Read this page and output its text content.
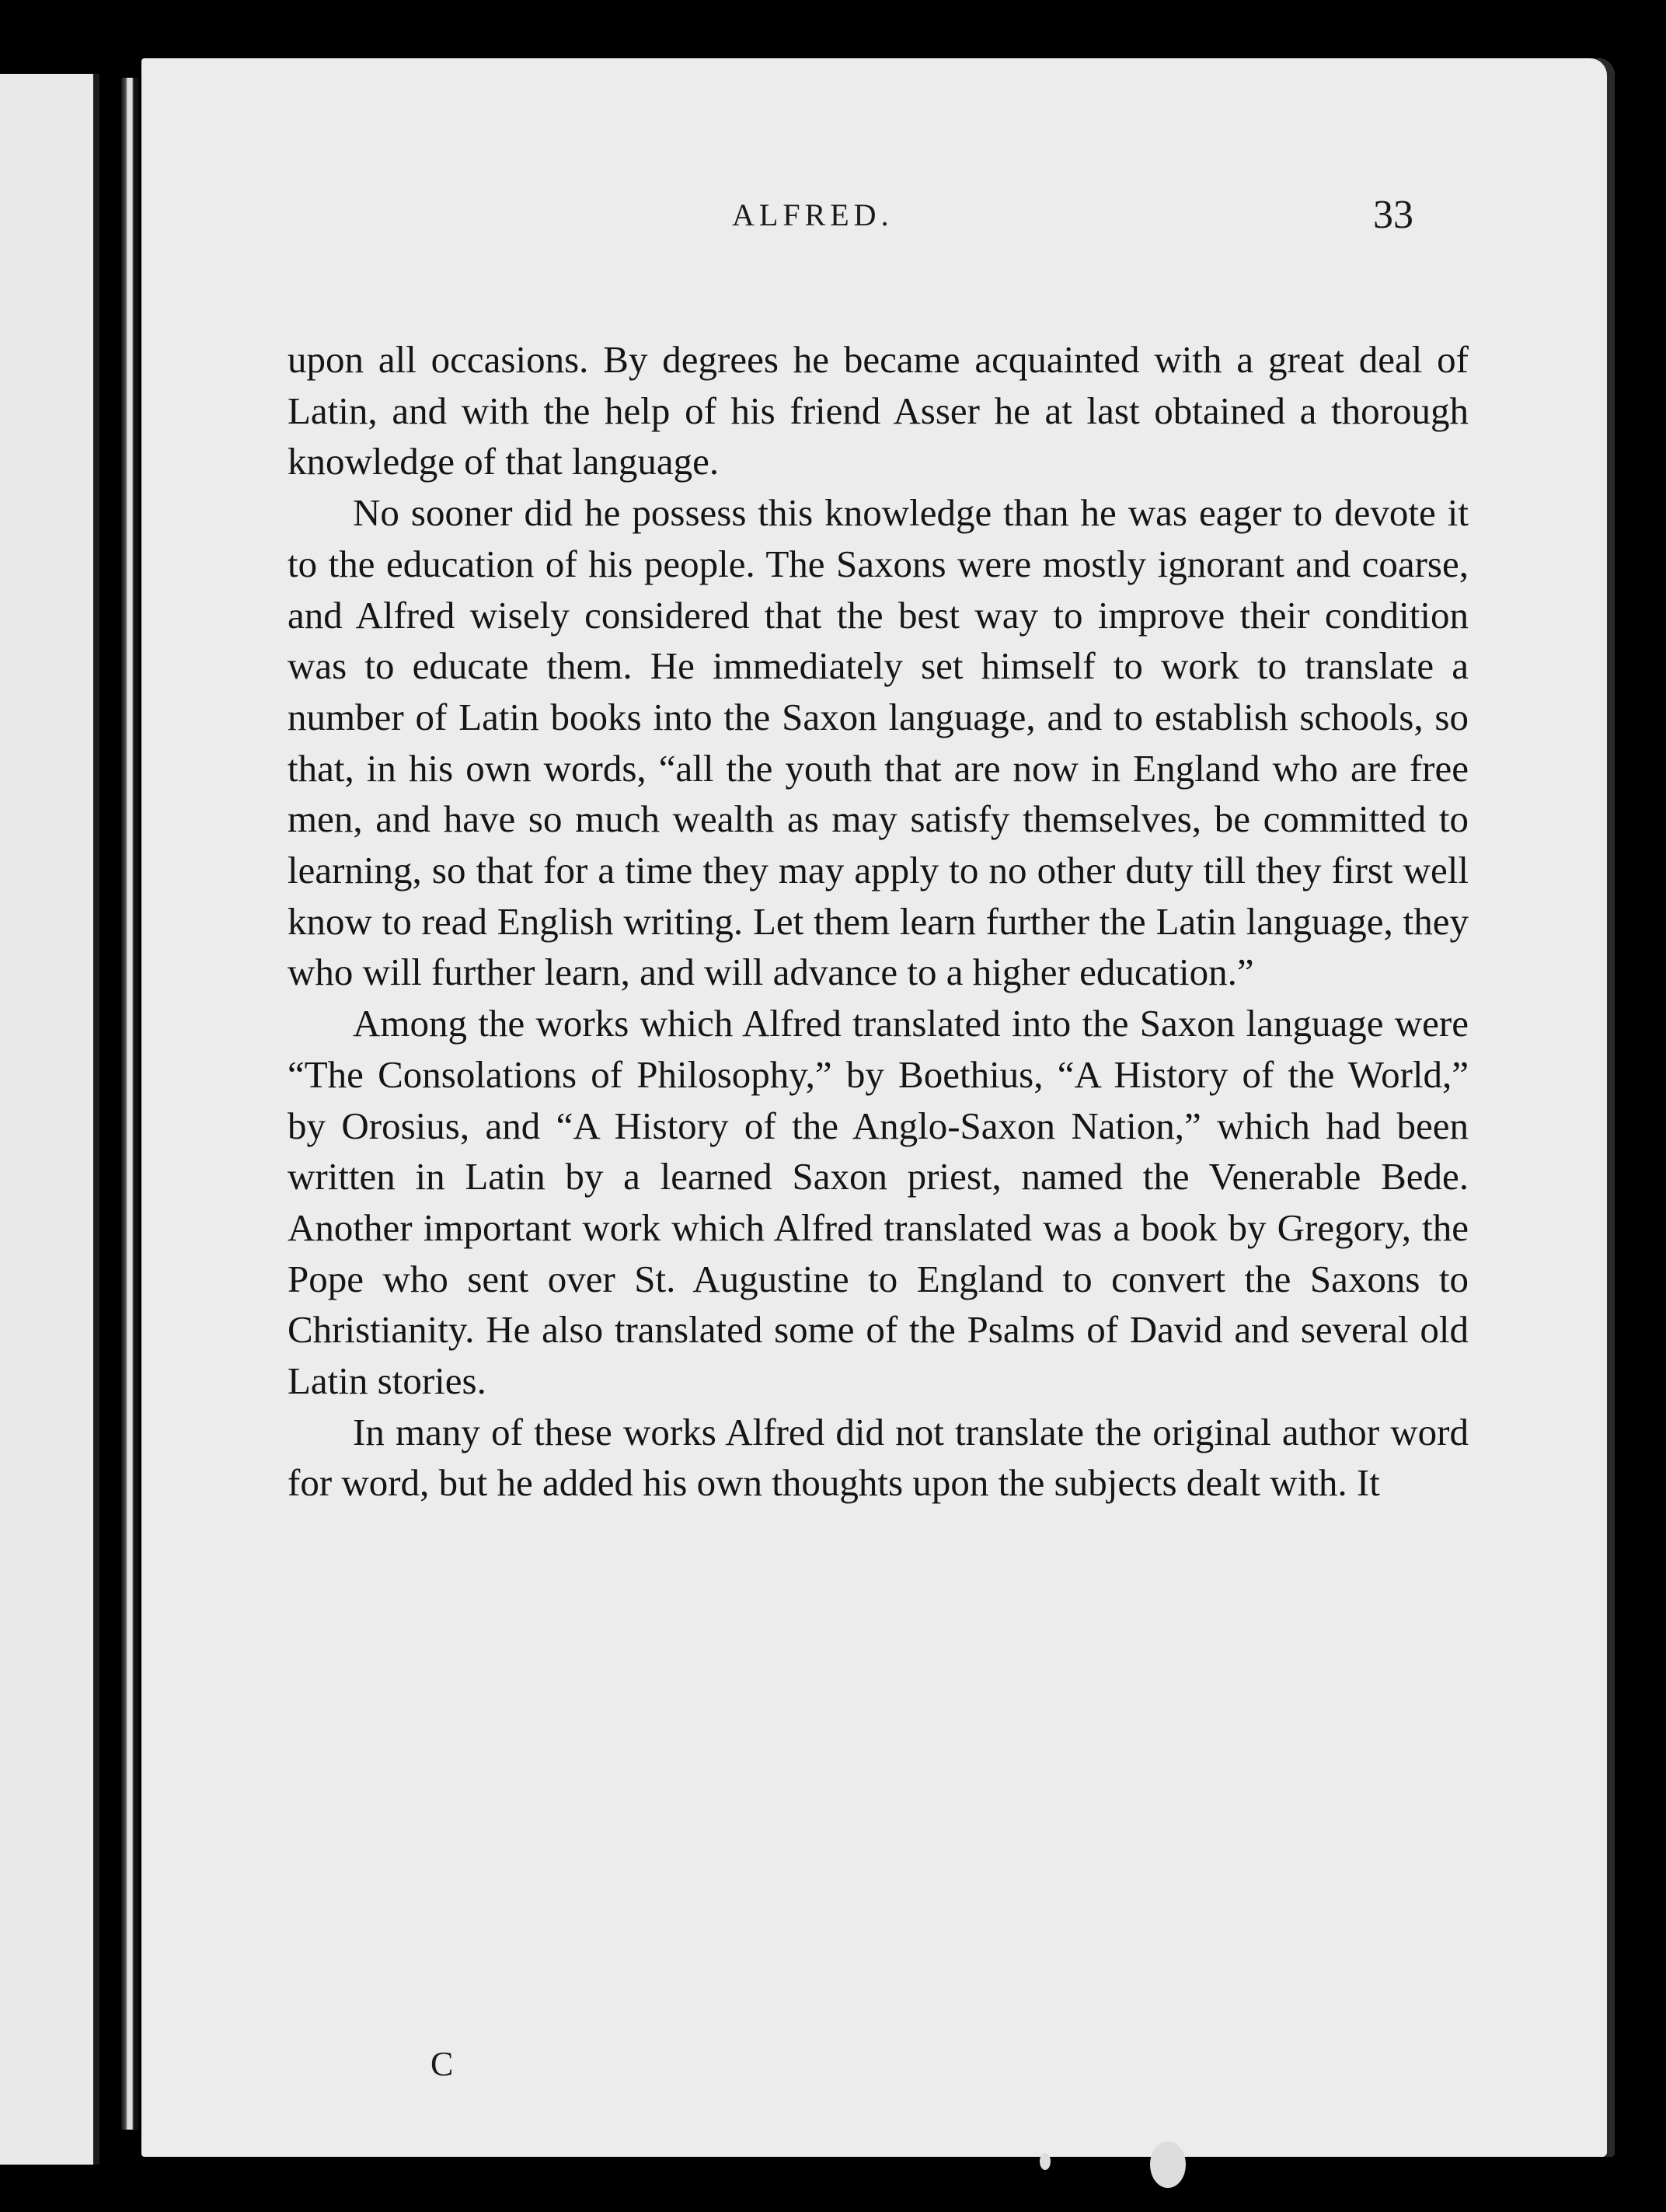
ALFRED.	33

upon all occasions. By degrees he became acquainted with a great deal of Latin, and with the help of his friend Asser he at last obtained a thorough knowledge of that language.

No sooner did he possess this knowledge than he was eager to devote it to the education of his people. The Saxons were mostly ignorant and coarse, and Alfred wisely considered that the best way to improve their condition was to educate them. He immediately set himself to work to translate a number of Latin books into the Saxon language, and to establish schools, so that, in his own words, “all the youth that are now in England who are free men, and have so much wealth as may satisfy themselves, be committed to learning, so that for a time they may apply to no other duty till they first well know to read English writing. Let them learn further the Latin language, they who will further learn, and will advance to a higher education.”

Among the works which Alfred translated into the Saxon language were “The Consolations of Philosophy,” by Boethius, “A History of the World,” by Orosius, and “A History of the Anglo-Saxon Nation,” which had been written in Latin by a learned Saxon priest, named the Venerable Bede. Another important work which Alfred translated was a book by Gregory, the Pope who sent over St. Augustine to England to convert the Saxons to Christianity. He also translated some of the Psalms of David and several old Latin stories.

In many of these works Alfred did not translate the original author word for word, but he added his own thoughts upon the subjects dealt with. It

C
